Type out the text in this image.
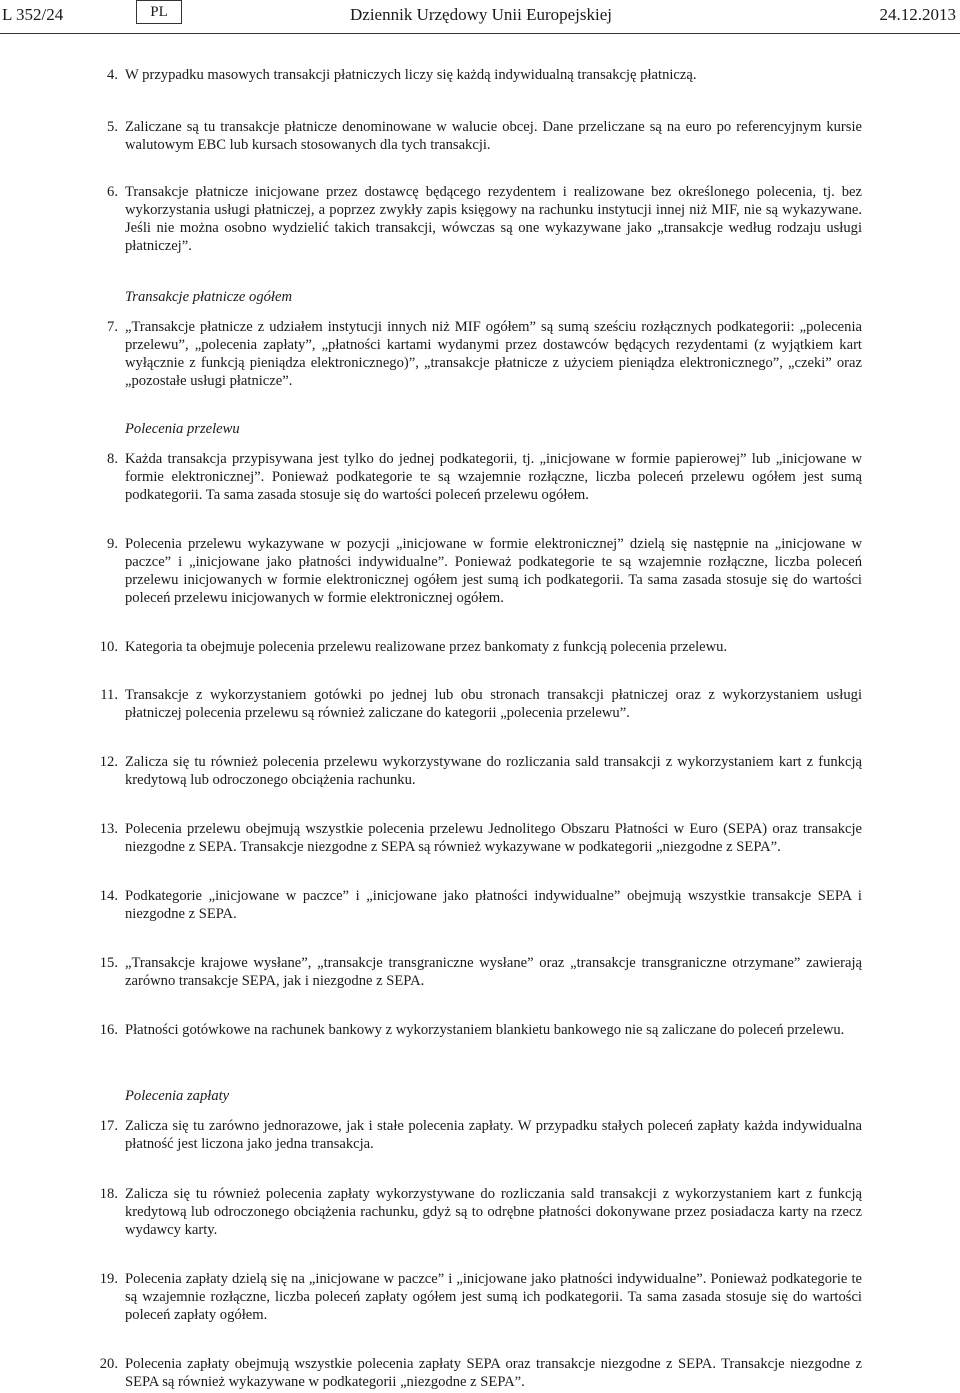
L 352/24	PL	Dziennik Urzędowy Unii Europejskiej	24.12.2013
4. W przypadku masowych transakcji płatniczych liczy się każdą indywidualną transakcję płatniczą.
5. Zaliczane są tu transakcje płatnicze denominowane w walucie obcej. Dane przeliczane są na euro po referencyjnym kursie walutowym EBC lub kursach stosowanych dla tych transakcji.
6. Transakcje płatnicze inicjowane przez dostawcę będącego rezydentem i realizowane bez określonego polecenia, tj. bez wykorzystania usługi płatniczej, a poprzez zwykły zapis księgowy na rachunku instytucji innej niż MIF, nie są wykazywane. Jeśli nie można osobno wydzielić takich transakcji, wówczas są one wykazywane jako „transakcje według rodzaju usługi płatniczej”.
Transakcje płatnicze ogółem
7. „Transakcje płatnicze z udziałem instytucji innych niż MIF ogółem” są sumą sześciu rozłącznych podkategorii: „polecenia przelewu”, „polecenia zapłaty”, „płatności kartami wydanymi przez dostawców będących rezydentami (z wyjątkiem kart wyłącznie z funkcją pieniądza elektronicznego)”, „transakcje płatnicze z użyciem pieniądza elektronicznego”, „czeki” oraz „pozostałe usługi płatnicze”.
Polecenia przelewu
8. Każda transakcja przypisywana jest tylko do jednej podkategorii, tj. „inicjowane w formie papierowej” lub „inicjowane w formie elektronicznej”. Ponieważ podkategorie te są wzajemnie rozłączne, liczba poleceń przelewu ogółem jest sumą podkategorii. Ta sama zasada stosuje się do wartości poleceń przelewu ogółem.
9. Polecenia przelewu wykazywane w pozycji „inicjowane w formie elektronicznej” dzielą się następnie na „inicjowane w paczce” i „inicjowane jako płatności indywidualne”. Ponieważ podkategorie te są wzajemnie rozłączne, liczba poleceń przelewu inicjowanych w formie elektronicznej ogółem jest sumą ich podkategorii. Ta sama zasada stosuje się do wartości poleceń przelewu inicjowanych w formie elektronicznej ogółem.
10. Kategoria ta obejmuje polecenia przelewu realizowane przez bankomaty z funkcją polecenia przelewu.
11. Transakcje z wykorzystaniem gotówki po jednej lub obu stronach transakcji płatniczej oraz z wykorzystaniem usługi płatniczej polecenia przelewu są również zaliczane do kategorii „polecenia przelewu”.
12. Zalicza się tu również polecenia przelewu wykorzystywane do rozliczania sald transakcji z wykorzystaniem kart z funkcją kredytową lub odroczonego obciążenia rachunku.
13. Polecenia przelewu obejmują wszystkie polecenia przelewu Jednolitego Obszaru Płatności w Euro (SEPA) oraz transakcje niezgodne z SEPA. Transakcje niezgodne z SEPA są również wykazywane w podkategorii „niezgodne z SEPA”.
14. Podkategorie „inicjowane w paczce” i „inicjowane jako płatności indywidualne” obejmują wszystkie transakcje SEPA i niezgodne z SEPA.
15. „Transakcje krajowe wysłane”, „transakcje transgraniczne wysłane” oraz „transakcje transgraniczne otrzymane” zawierają zarówno transakcje SEPA, jak i niezgodne z SEPA.
16. Płatności gotówkowe na rachunek bankowy z wykorzystaniem blankietu bankowego nie są zaliczane do poleceń przelewu.
Polecenia zapłaty
17. Zalicza się tu zarówno jednorazowe, jak i stałe polecenia zapłaty. W przypadku stałych poleceń zapłaty każda indywidualna płatność jest liczona jako jedna transakcja.
18. Zalicza się tu również polecenia zapłaty wykorzystywane do rozliczania sald transakcji z wykorzystaniem kart z funkcją kredytową lub odroczonego obciążenia rachunku, gdyż są to odrębne płatności dokonywane przez posiadacza karty na rzecz wydawcy karty.
19. Polecenia zapłaty dzielą się na „inicjowane w paczce” i „inicjowane jako płatności indywidualne”. Ponieważ podkategorie te są wzajemnie rozłączne, liczba poleceń zapłaty ogółem jest sumą ich podkategorii. Ta sama zasada stosuje się do wartości poleceń zapłaty ogółem.
20. Polecenia zapłaty obejmują wszystkie polecenia zapłaty SEPA oraz transakcje niezgodne z SEPA. Transakcje niezgodne z SEPA są również wykazywane w podkategorii „niezgodne z SEPA”.
